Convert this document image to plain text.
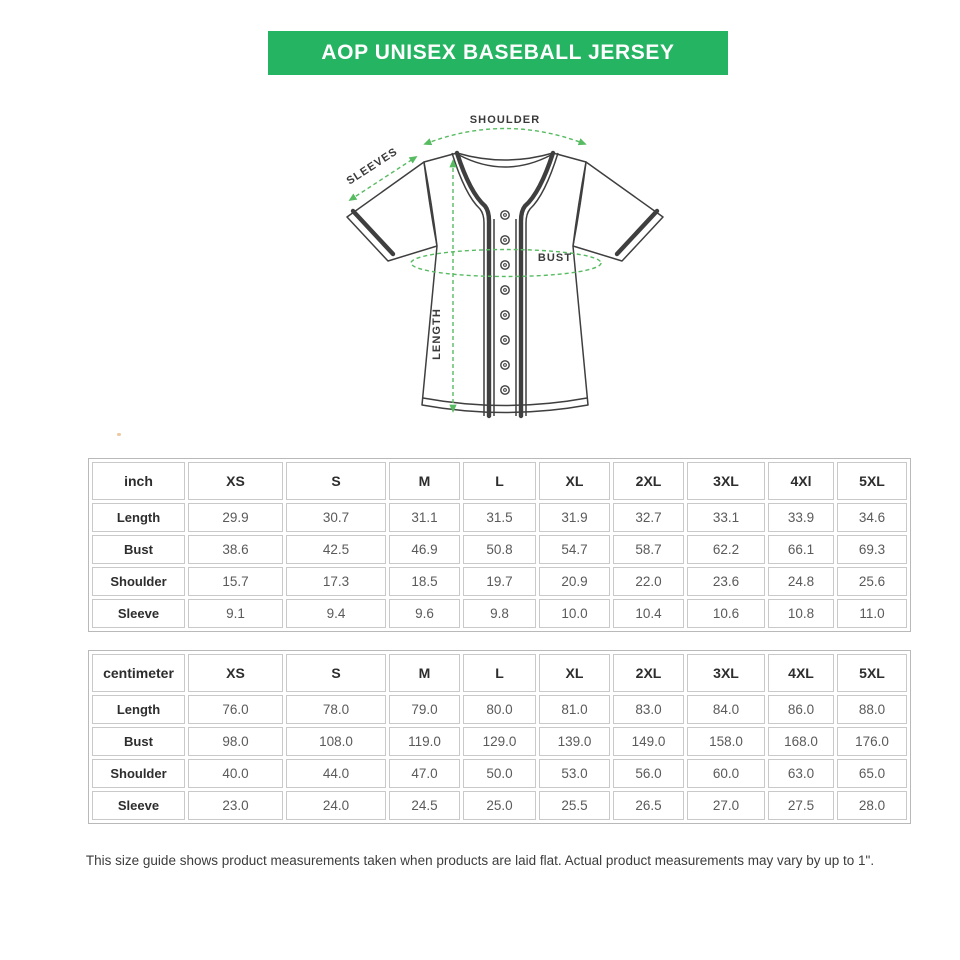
AOP UNISEX BASEBALL JERSEY
SHOULDER
SLEEVES
BUST
LENGTH
inch	XS	S	M	L	XL	2XL	3XL	4Xl	5XL
Length	29.9	30.7	31.1	31.5	31.9	32.7	33.1	33.9	34.6
Bust	38.6	42.5	46.9	50.8	54.7	58.7	62.2	66.1	69.3
Shoulder	15.7	17.3	18.5	19.7	20.9	22.0	23.6	24.8	25.6
Sleeve	9.1	9.4	9.6	9.8	10.0	10.4	10.6	10.8	11.0
centimeter	XS	S	M	L	XL	2XL	3XL	4XL	5XL
Length	76.0	78.0	79.0	80.0	81.0	83.0	84.0	86.0	88.0
Bust	98.0	108.0	119.0	129.0	139.0	149.0	158.0	168.0	176.0
Shoulder	40.0	44.0	47.0	50.0	53.0	56.0	60.0	63.0	65.0
Sleeve	23.0	24.0	24.5	25.0	25.5	26.5	27.0	27.5	28.0

This size guide shows product measurements taken when products are laid flat. Actual product measurements may vary by up to 1".
